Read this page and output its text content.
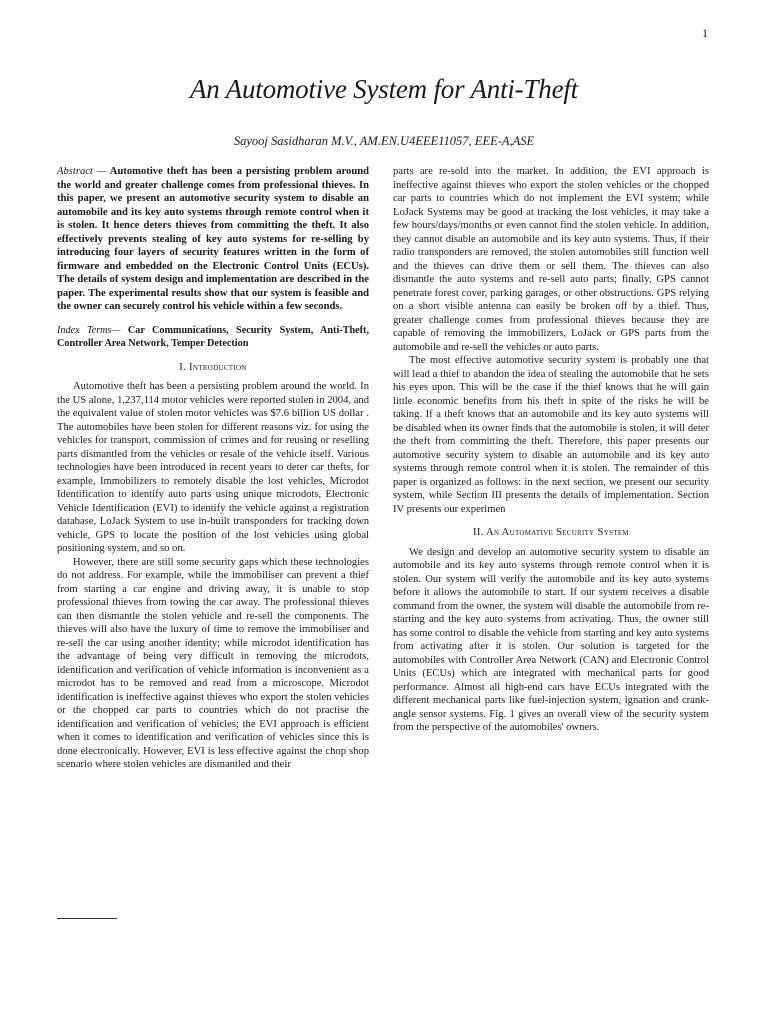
1
An Automotive System for Anti-Theft
Sayooj Sasidharan M.V., AM.EN.U4EEE11057, EEE-A,ASE

Abstract — Automotive theft has been a persisting problem around the world and greater challenge comes from professional thieves. In this paper, we present an automotive security system to disable an automobile and its key auto systems through remote control when it is stolen. It hence deters thieves from committing the theft. It also effectively prevents stealing of key auto systems for re-selling by introducing four layers of security features written in the form of firmware and embedded on the Electronic Control Units (ECUs). The details of system design and implementation are described in the paper. The experimental results show that our system is feasible and the owner can securely control his vehicle within a few seconds.

Index Terms— Car Communications, Security System, Anti-Theft, Controller Area Network, Temper Detection

I. Introduction

Automotive theft has been a persisting problem around the world. In the US alone, 1,237,114 motor vehicles were reported stolen in 2004, and the equivalent value of stolen motor vehicles was $7.6 billion US dollar . The automobiles have been stolen for different reasons viz. for using the vehicles for transport, commission of crimes and for reusing or reselling parts dismantled from the vehicles or resale of the vehicle itself. Various technologies have been introduced in recent years to deter car thefts, for example, Immobilizers to remotely disable the lost vehicles, Microdot Identification to identify auto parts using unique microdots, Electronic Vehicle Identification (EVI) to identify the vehicle against a registration database, LoJack System to use in-built transponders for tracking down vehicle, GPS to locate the position of the lost vehicles using global positioning system, and so on.

However, there are still some security gaps which these technologies do not address. For example, while the immobiliser can prevent a thief from starting a car engine and driving away, it is unable to stop professional thieves from towing the car away. The professional thieves can then dismantle the stolen vehicle and re-sell the components. The thieves will also have the luxury of time to remove the immobiliser and re-sell the car using another identity; while microdot identification has the advantage of being very difficult in removing the microdots, identification and verification of vehicle information is inconvenient as a microdot has to be removed and read from a microscope. Microdot identification is ineffective against thieves who export the stolen vehicles or the chopped car parts to countries which do not practise the identification and verification of vehicles; the EVI approach is efficient when it comes to identification and verification of vehicles since this is done electronically. However, EVI is less effective against the chop shop scenario where stolen vehicles are dismantled and their

parts are re-sold into the market. In addition, the EVI approach is ineffective against thieves who export the stolen vehicles or the chopped car parts to countries which do not implement the EVI system; while LoJack Systems may be good at tracking the lost vehicles, it may take a few hours/days/months or even cannot find the stolen vehicle. In addition, they cannot disable an automobile and its key auto systems. Thus, if their radio transponders are removed, the stolen automobiles still function well and the thieves can drive them or sell them. The thieves can also dismantle the auto systems and re-sell auto parts; finally, GPS cannot penetrate forest cover, parking garages, or other obstructions. GPS relying on a short visible antenna can easily be broken off by a thief. Thus, greater challenge comes from professional thieves because they are capable of removing the immobilizers, LoJack or GPS parts from the automobile and re-sell the vehicles or auto parts.

The most effective automotive security system is probably one that will lead a thief to abandon the idea of stealing the automobile that he sets his eyes upon. This will be the case if the thief knows that he will gain little economic benefits from his theft in spite of the risks he will be taking. If a theft knows that an automobile and its key auto systems will be disabled when its owner finds that the automobile is stolen, it will deter the theft from committing the theft. Therefore, this paper presents our automotive security system to disable an automobile and its key auto systems through remote control when it is stolen. The remainder of this paper is organized as follows: in the next section, we present our security system, while Section III presents the details of implementation. Section IV presents our experimen

II. An Automative Security System

We design and develop an automotive security system to disable an automobile and its key auto systems through remote control when it is stolen. Our system will verify the automobile and its key auto systems before it allows the automobile to start. If our system receives a disable command from the owner, the system will disable the automobile from re-starting and the key auto systems from activating. Thus, the owner still has some control to disable the vehicle from starting and key auto systems from activating after it is stolen. Our solution is targeted for the automobiles with Controller Area Network (CAN) and Electronic Control Units (ECUs) which are integrated with mechanical parts for good performance. Almost all high-end cars have ECUs integrated with the different mechanical parts like fuel-injection system, ignation and crank-angle sensor systems. Fig. 1 gives an overall view of the security system from the perspective of the automobiles' owners.
